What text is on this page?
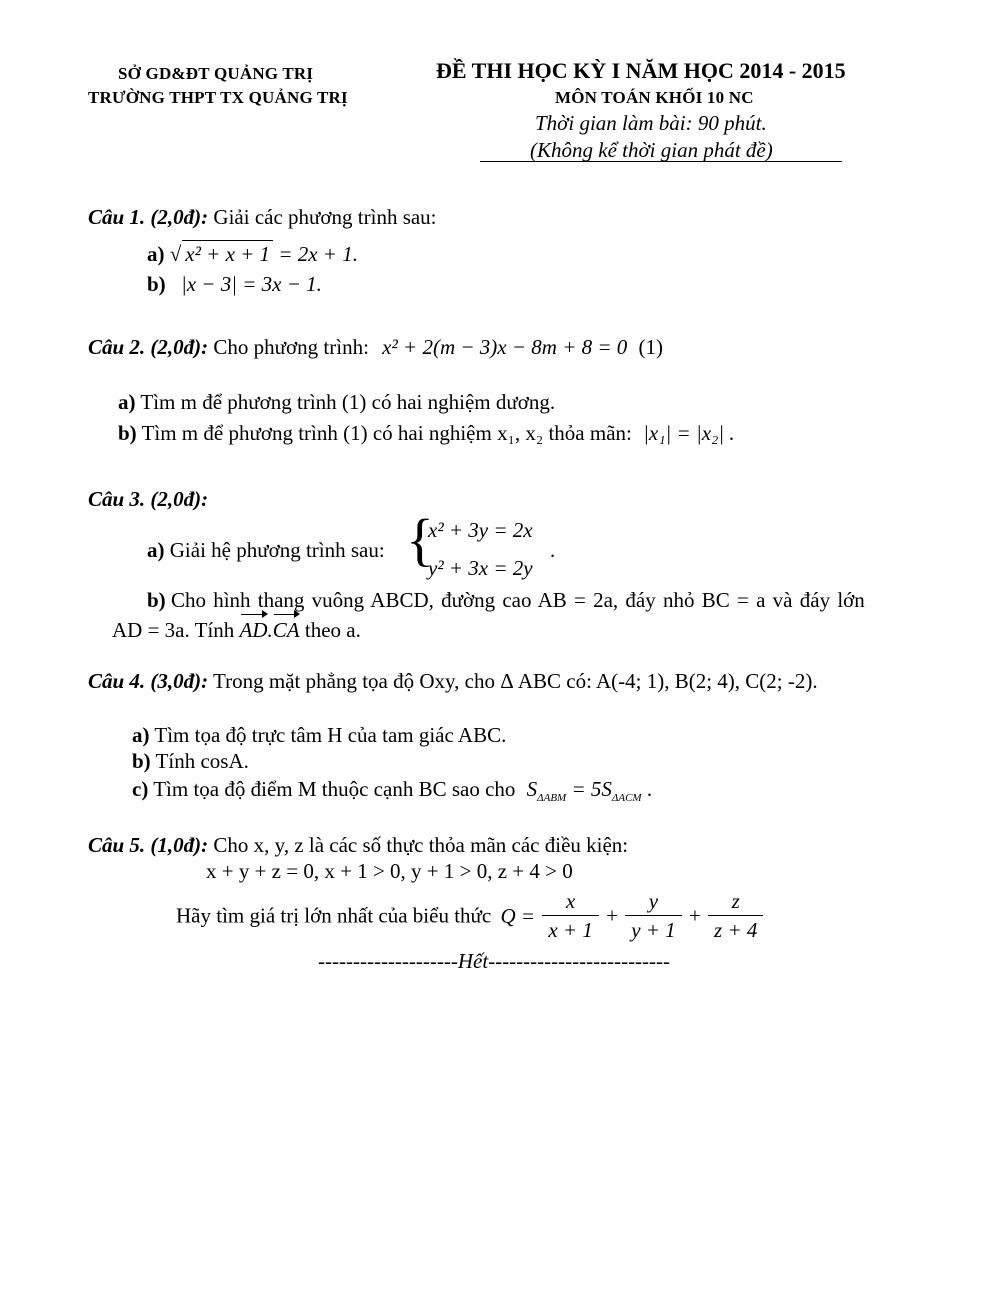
SỞ GD&ĐT QUẢNG TRỊ
TRƯỜNG THPT TX QUẢNG TRỊ
ĐỀ THI HỌC KỲ I NĂM HỌC 2014 - 2015
MÔN TOÁN KHỐI 10 NC
Thời gian làm bài: 90 phút.
(Không kể thời gian phát đề)
Câu 1. (2,0đ): Giải các phương trình sau:
a) √ x² + x + 1 = 2x + 1.
b) |x − 3| = 3x − 1.
Câu 2. (2,0đ): Cho phương trình: x² + 2(m − 3)x − 8m + 8 = 0 (1)
a) Tìm m để phương trình (1) có hai nghiệm dương.
b) Tìm m để phương trình (1) có hai nghiệm x₁, x₂ thỏa mãn: |x₁| = |x₂| .
Câu 3. (2,0đ):
a) Giải hệ phương trình sau: {
x² + 3y = 2x
y² + 3x = 2y
.
b) Cho hình thang vuông ABCD, đường cao AB = 2a, đáy nhỏ BC = a và đáy lớn
AD = 3a. Tính AD.CA theo a.
Câu 4. (3,0đ): Trong mặt phẳng tọa độ Oxy, cho Δ ABC có: A(-4; 1), B(2; 4), C(2; -2).
a) Tìm tọa độ trực tâm H của tam giác ABC.
b) Tính cosA.
c) Tìm tọa độ điểm M thuộc cạnh BC sao cho $S_{\Delta ABM} = 5S_{\Delta ACM}$ .
Câu 5. (1,0đ): Cho x, y, z là các số thực thỏa mãn các điều kiện:
x + y + z = 0, x + 1 > 0, y + 1 > 0, z + 4 > 0
Hãy tìm giá trị lớn nhất của biểu thức $Q = \frac{x}{x + 1} + \frac{y}{y + 1} + \frac{z}{z + 4}$
--------------------Hết--------------------------
